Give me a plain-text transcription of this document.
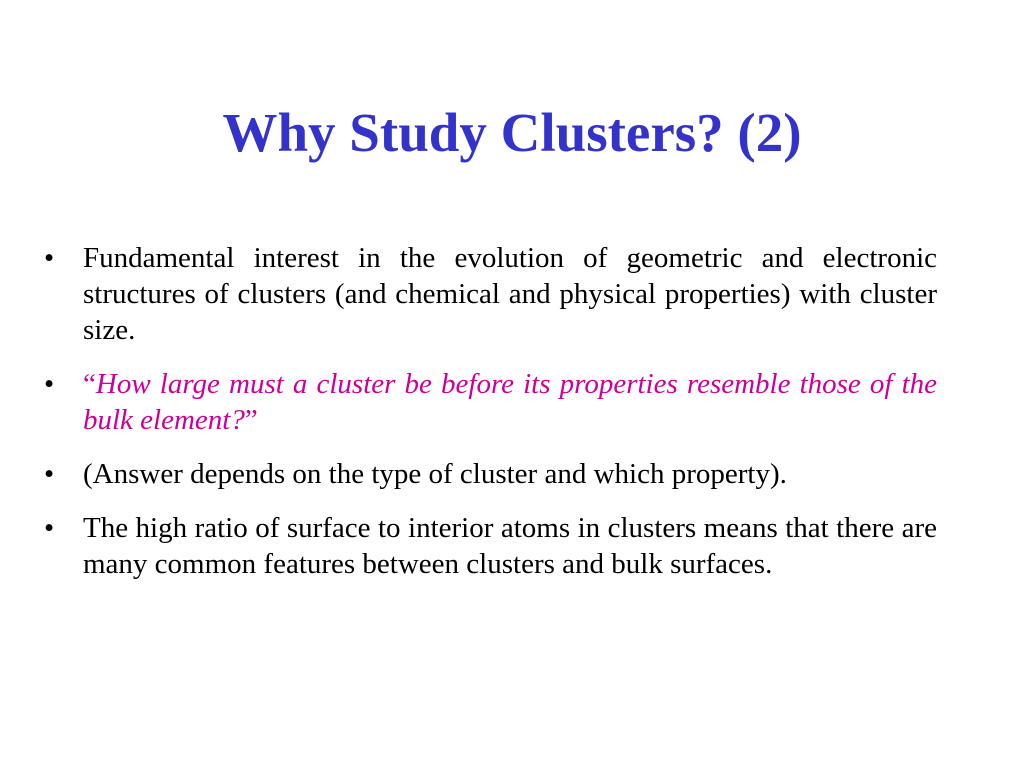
Why Study Clusters? (2)
• Fundamental interest in the evolution of geometric and electronic structures of clusters (and chemical and physical properties) with cluster size.
• “How large must a cluster be before its properties resemble those of the bulk element?”
• (Answer depends on the type of cluster and which property).
• The high ratio of surface to interior atoms in clusters means that there are many common features between clusters and bulk surfaces.
